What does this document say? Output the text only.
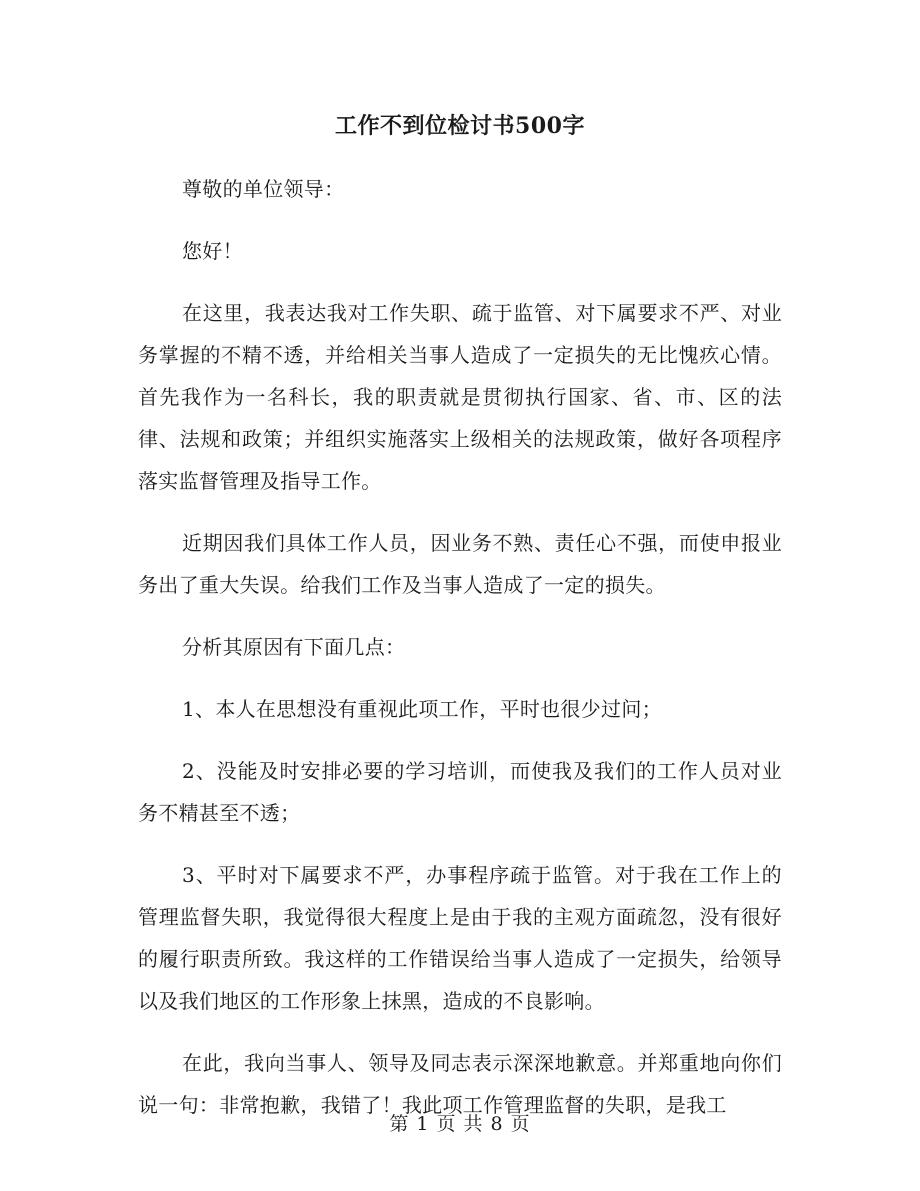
工作不到位检讨书500字

尊敬的单位领导：

您好！

在这里，我表达我对工作失职、疏于监管、对下属要求不严、对业务掌握的不精不透，并给相关当事人造成了一定损失的无比愧疚心情。首先我作为一名科长，我的职责就是贯彻执行国家、省、市、区的法律、法规和政策；并组织实施落实上级相关的法规政策，做好各项程序落实监督管理及指导工作。

近期因我们具体工作人员，因业务不熟、责任心不强，而使申报业务出了重大失误。给我们工作及当事人造成了一定的损失。

分析其原因有下面几点：

1、本人在思想没有重视此项工作，平时也很少过问；

2、没能及时安排必要的学习培训，而使我及我们的工作人员对业务不精甚至不透；

3、平时对下属要求不严，办事程序疏于监管。对于我在工作上的管理监督失职，我觉得很大程度上是由于我的主观方面疏忽，没有很好的履行职责所致。我这样的工作错误给当事人造成了一定损失，给领导以及我们地区的工作形象上抹黑，造成的不良影响。

在此，我向当事人、领导及同志表示深深地歉意。并郑重地向你们说一句：非常抱歉，我错了！我此项工作管理监督的失职，是我工

第 1 页 共 8 页
